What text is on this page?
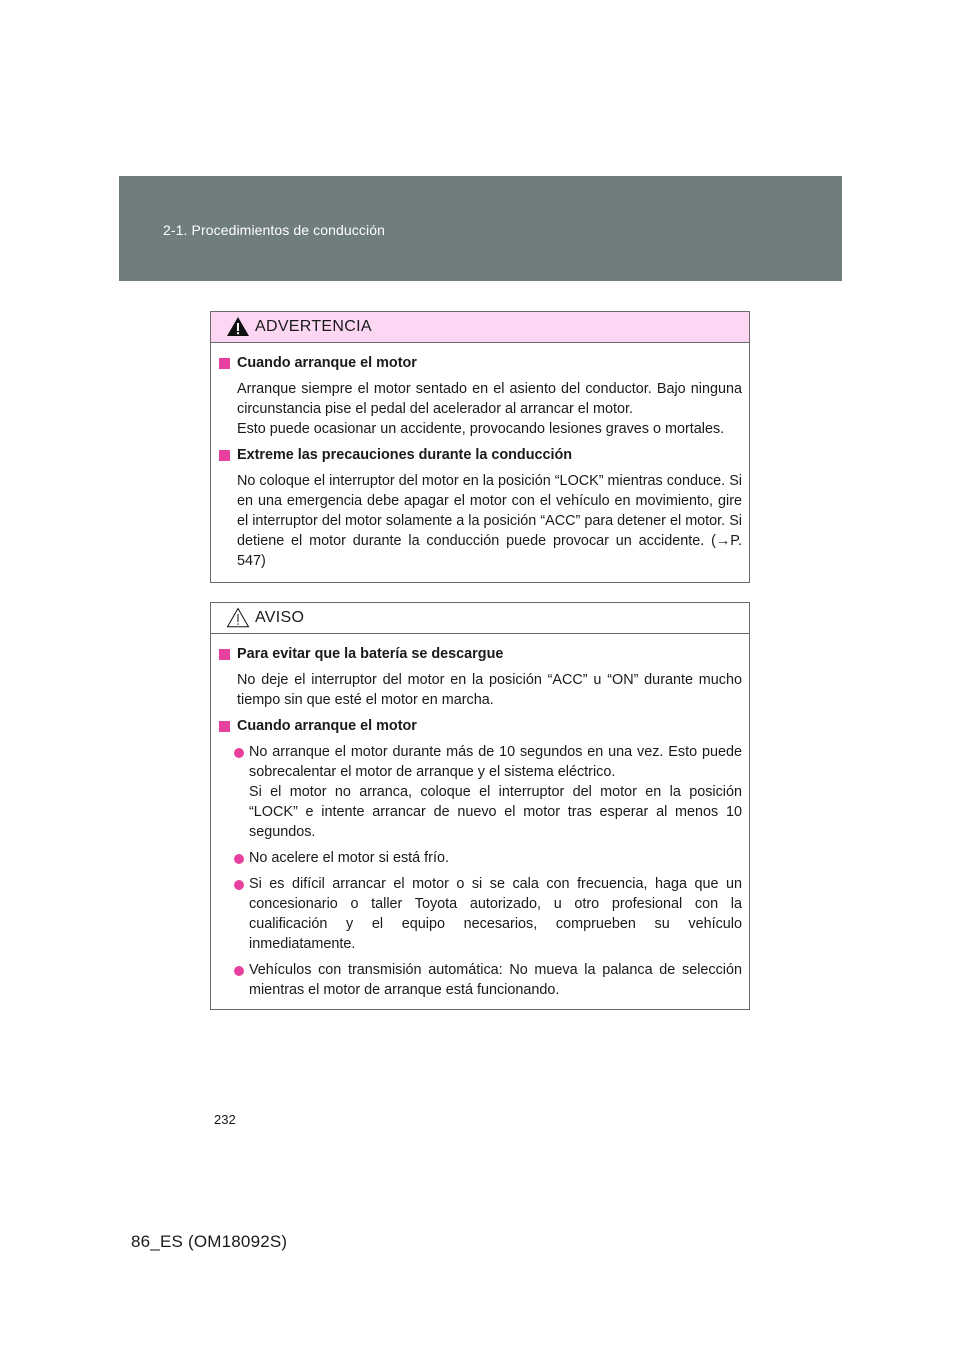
2-1. Procedimientos de conducción
ADVERTENCIA
Cuando arranque el motor
Arranque siempre el motor sentado en el asiento del conductor. Bajo ninguna circunstancia pise el pedal del acelerador al arrancar el motor.
Esto puede ocasionar un accidente, provocando lesiones graves o mortales.
Extreme las precauciones durante la conducción
No coloque el interruptor del motor en la posición “LOCK” mientras conduce. Si en una emergencia debe apagar el motor con el vehículo en movimiento, gire el interruptor del motor solamente a la posición “ACC” para detener el motor. Si detiene el motor durante la conducción puede provocar un accidente. (→P. 547)
AVISO
Para evitar que la batería se descargue
No deje el interruptor del motor en la posición “ACC” u “ON” durante mucho tiempo sin que esté el motor en marcha.
Cuando arranque el motor

No arranque el motor durante más de 10 segundos en una vez. Esto puede sobrecalentar el motor de arranque y el sistema eléctrico.

Si el motor no arranca, coloque el interruptor del motor en la posición “LOCK” e intente arrancar de nuevo el motor tras esperar al menos 10 segundos.

No acelere el motor si está frío.

Si es difícil arrancar el motor o si se cala con frecuencia, haga que un concesionario o taller Toyota autorizado, u otro profesional con la cualificación y el equipo necesarios, comprueben su vehículo inmediatamente.

Vehículos con transmisión automática: No mueva la palanca de selección mientras el motor de arranque está funcionando.

232
86_ES (OM18092S)
